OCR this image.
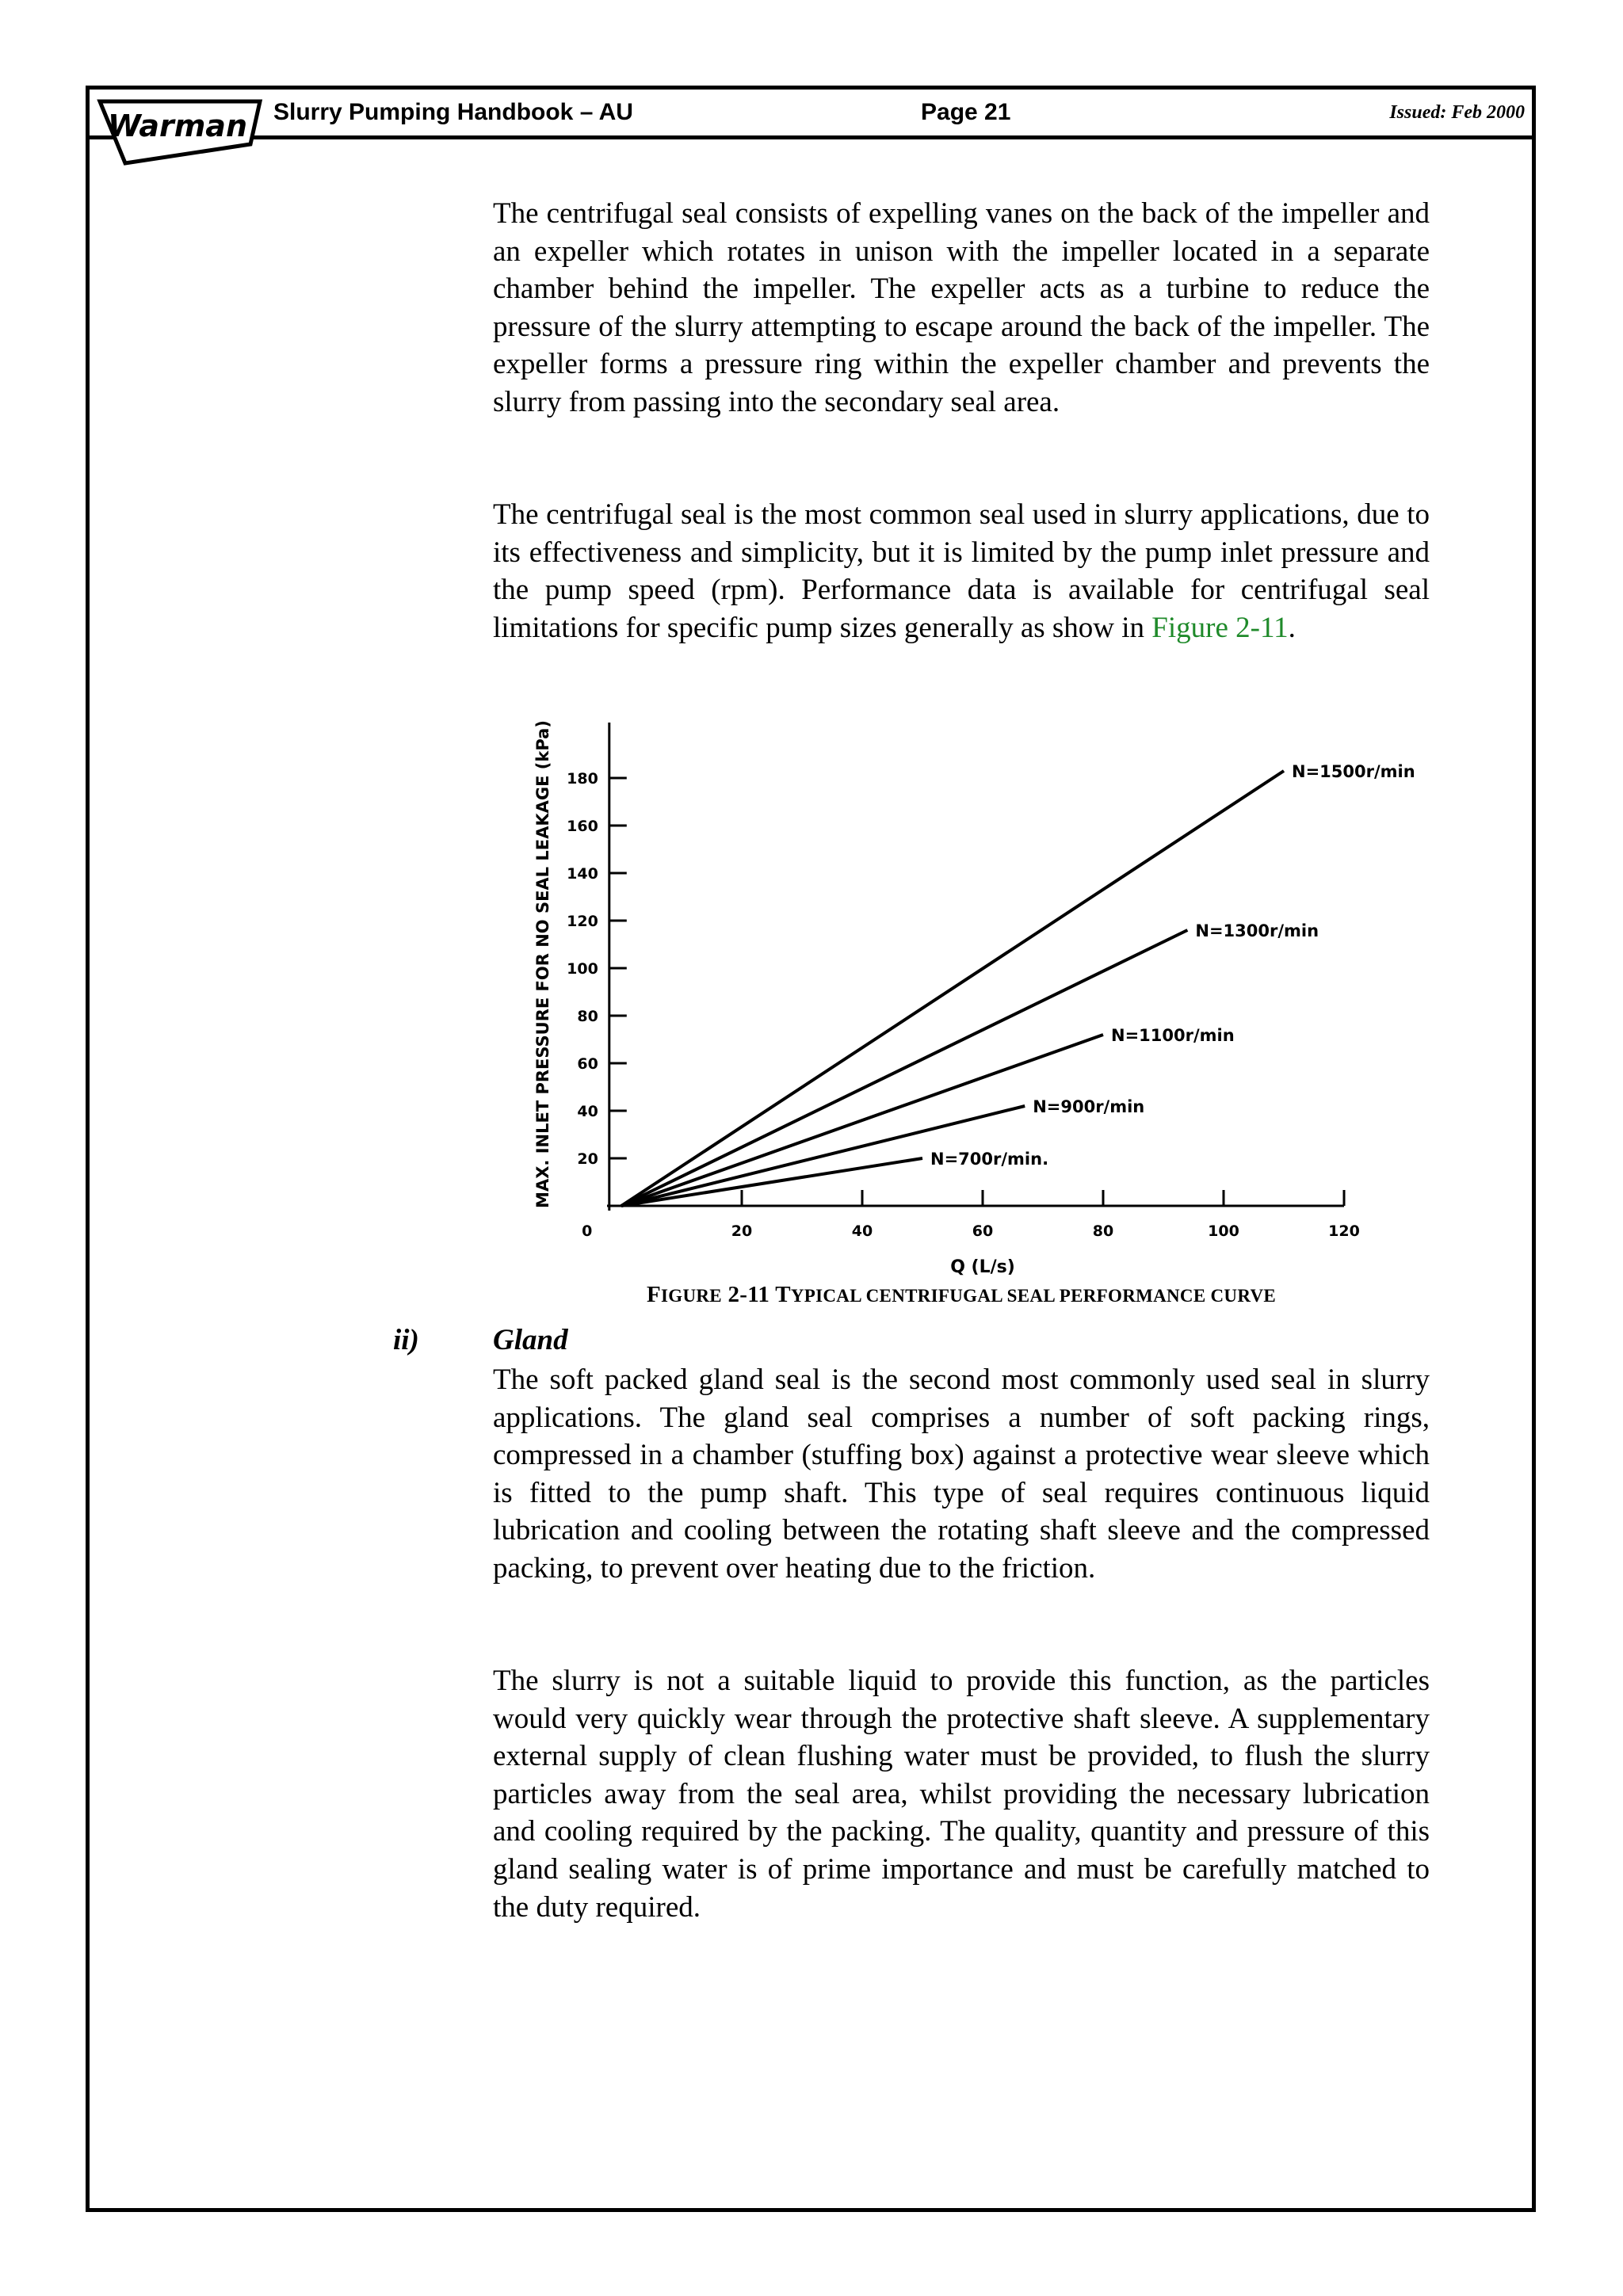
Warman Slurry Pumping Handbook – AU	Page 21	Issued: Feb 2000

The centrifugal seal consists of expelling vanes on the back of the impeller and an expeller which rotates in unison with the impeller located in a separate chamber behind the impeller. The expeller acts as a turbine to reduce the pressure of the slurry attempting to escape around the back of the impeller. The expeller forms a pressure ring within the expeller chamber and prevents the slurry from passing into the secondary seal area.

The centrifugal seal is the most common seal used in slurry applications, due to its effectiveness and simplicity, but it is limited by the pump inlet pressure and the pump speed (rpm). Performance data is available for centrifugal seal limitations for specific pump sizes generally as show in Figure 2-11.

20
40
60
80
100
120
140
160
180
20	40	60	80	100	120
0
N=700r/min.
N=900r/min
N=1100r/min
N=1300r/min
N=1500r/min
Q (L/s)
MAX. INLET PRESSURE FOR NO SEAL LEAKAGE (kPa)
FIGURE 2-11 TYPICAL CENTRIFUGAL SEAL PERFORMANCE CURVE
ii)	Gland

The soft packed gland seal is the second most commonly used seal in slurry applications. The gland seal comprises a number of soft packing rings, compressed in a chamber (stuffing box) against a protective wear sleeve which is fitted to the pump shaft. This type of seal requires continuous liquid lubrication and cooling between the rotating shaft sleeve and the compressed packing, to prevent over heating due to the friction.

The slurry is not a suitable liquid to provide this function, as the particles would very quickly wear through the protective shaft sleeve. A supplementary external supply of clean flushing water must be provided, to flush the slurry particles away from the seal area, whilst providing the necessary lubrication and cooling required by the packing. The quality, quantity and pressure of this gland sealing water is of prime importance and must be carefully matched to the duty required.
